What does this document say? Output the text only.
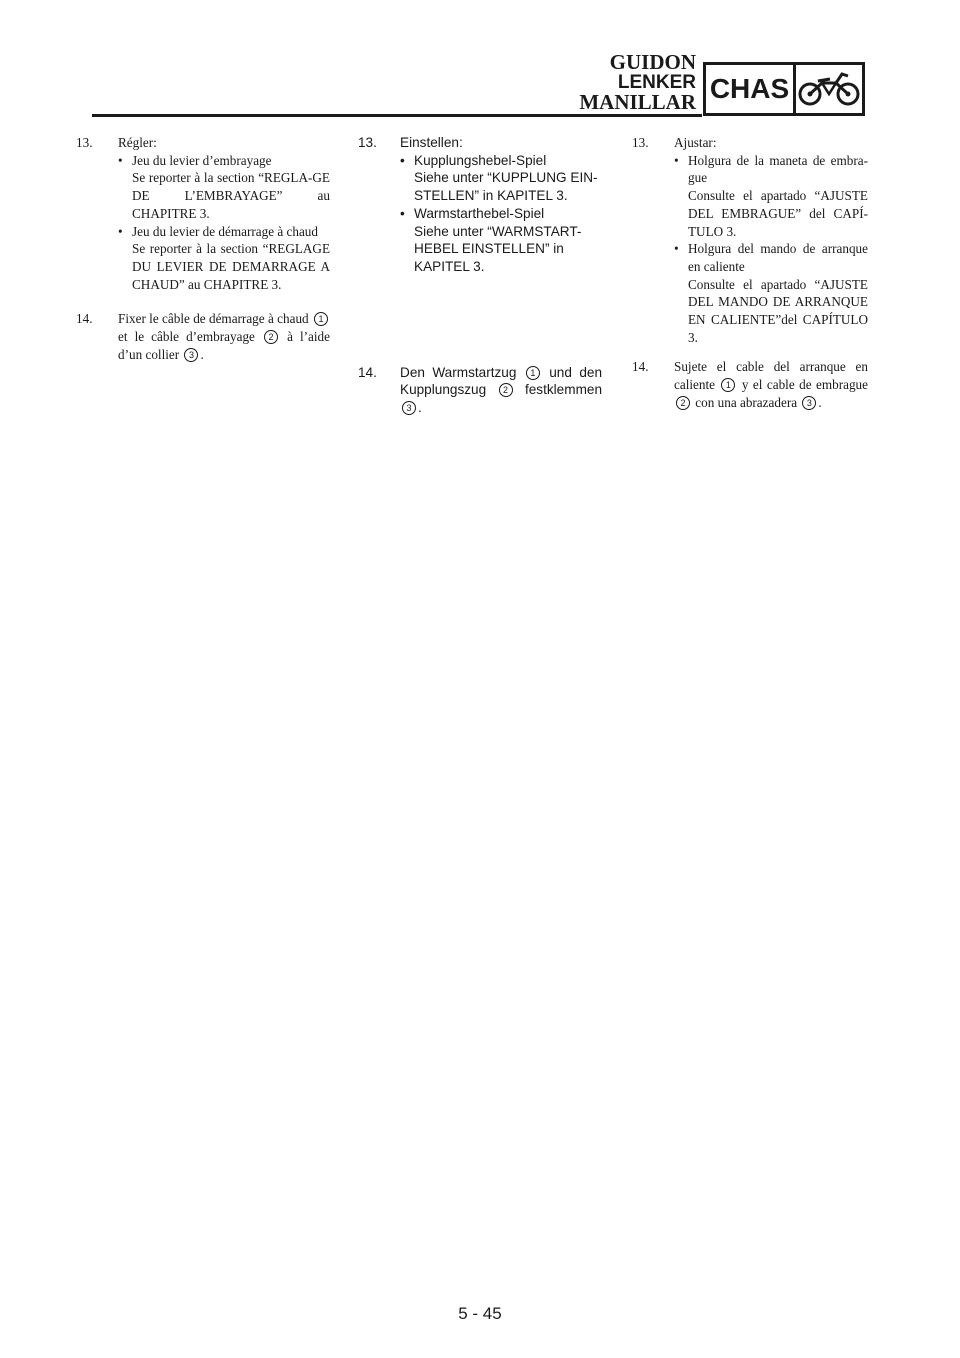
GUIDON
LENKER
MANILLAR CHAS
13. Régler:
• Jeu du levier d’embrayage
Se reporter à la section “REGLA-GE DE L’EMBRAYAGE” au CHAPITRE 3.
• Jeu du levier de démarrage à chaud
Se reporter à la section “REGLAGE DU LEVIER DE DEMARRAGE A CHAUD” au CHAPITRE 3.
14. Fixer le câble de démarrage à chaud 1 et le câble d’embrayage 2 à l’aide d’un collier 3 .
13. Einstellen:
• Kupplungshebel-Spiel
Siehe unter “KUPPLUNG EIN-STELLEN” in KAPITEL 3.
• Warmstarthebel-Spiel
Siehe unter “WARMSTART-HEBEL EINSTELLEN” in KAPITEL 3.
14. Den Warmstartzug 1 und den Kupplungszug 2 festklemmen 3 .
13. Ajustar:
• Holgura de la maneta de embra-gue
Consulte el apartado “AJUSTE DEL EMBRAGUE” del CAPÍ-TULO 3.
• Holgura del mando de arranque en caliente
Consulte el apartado “AJUSTE DEL MANDO DE ARRANQUE EN CALIENTE”del CAPÍTULO 3.
14. Sujete el cable del arranque en caliente 1 y el cable de embrague 2 con una abrazadera 3 .
5 - 45
